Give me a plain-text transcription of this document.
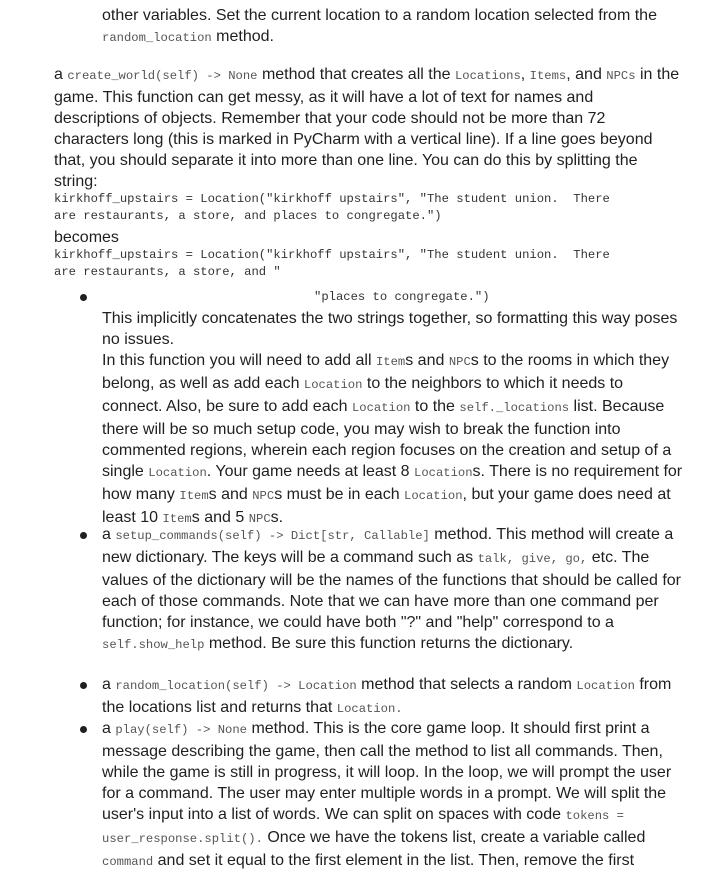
other variables. Set the current location to a random location selected from the random_location method.

a create_world(self) -> None method that creates all the Locations, Items, and NPCs in the game. This function can get messy, as it will have a lot of text for names and descriptions of objects. Remember that your code should not be more than 72 characters long (this is marked in PyCharm with a vertical line). If a line goes beyond that, you should separate it into more than one line. You can do this by splitting the string:

kirkhoff_upstairs = Location("kirkhoff upstairs", "The student union.  There

are restaurants, a store, and places to congregate.")

becomes

kirkhoff_upstairs = Location("kirkhoff upstairs", "The student union.  There

are restaurants, a store, and "

"places to congregate.")

This implicitly concatenates the two strings together, so formatting this way poses no issues.

In this function you will need to add all Items and NPCs to the rooms in which they belong, as well as add each Location to the neighbors to which it needs to connect. Also, be sure to add each Location to the self._locations list. Because there will be so much setup code, you may wish to break the function into commented regions, wherein each region focuses on the creation and setup of a single Location. Your game needs at least 8 Locations. There is no requirement for how many Items and NPCs must be in each Location, but your game does need at least 10 Items and 5 NPCs.

a setup_commands(self) -> Dict[str, Callable] method. This method will create a new dictionary. The keys will be a command such as talk, give, go, etc. The values of the dictionary will be the names of the functions that should be called for each of those commands. Note that we can have more than one command per function; for instance, we could have both "?" and "help" correspond to a self.show_help method. Be sure this function returns the dictionary.

a random_location(self) -> Location method that selects a random Location from the locations list and returns that Location.

a play(self) -> None method. This is the core game loop. It should first print a message describing the game, then call the method to list all commands. Then, while the game is still in progress, it will loop. In the loop, we will prompt the user for a command. The user may enter multiple words in a prompt. We will split the user's input into a list of words. We can split on spaces with code tokens = user_response.split(). Once we have the tokens list, create a variable called command and set it equal to the first element in the list. Then, remove the first
